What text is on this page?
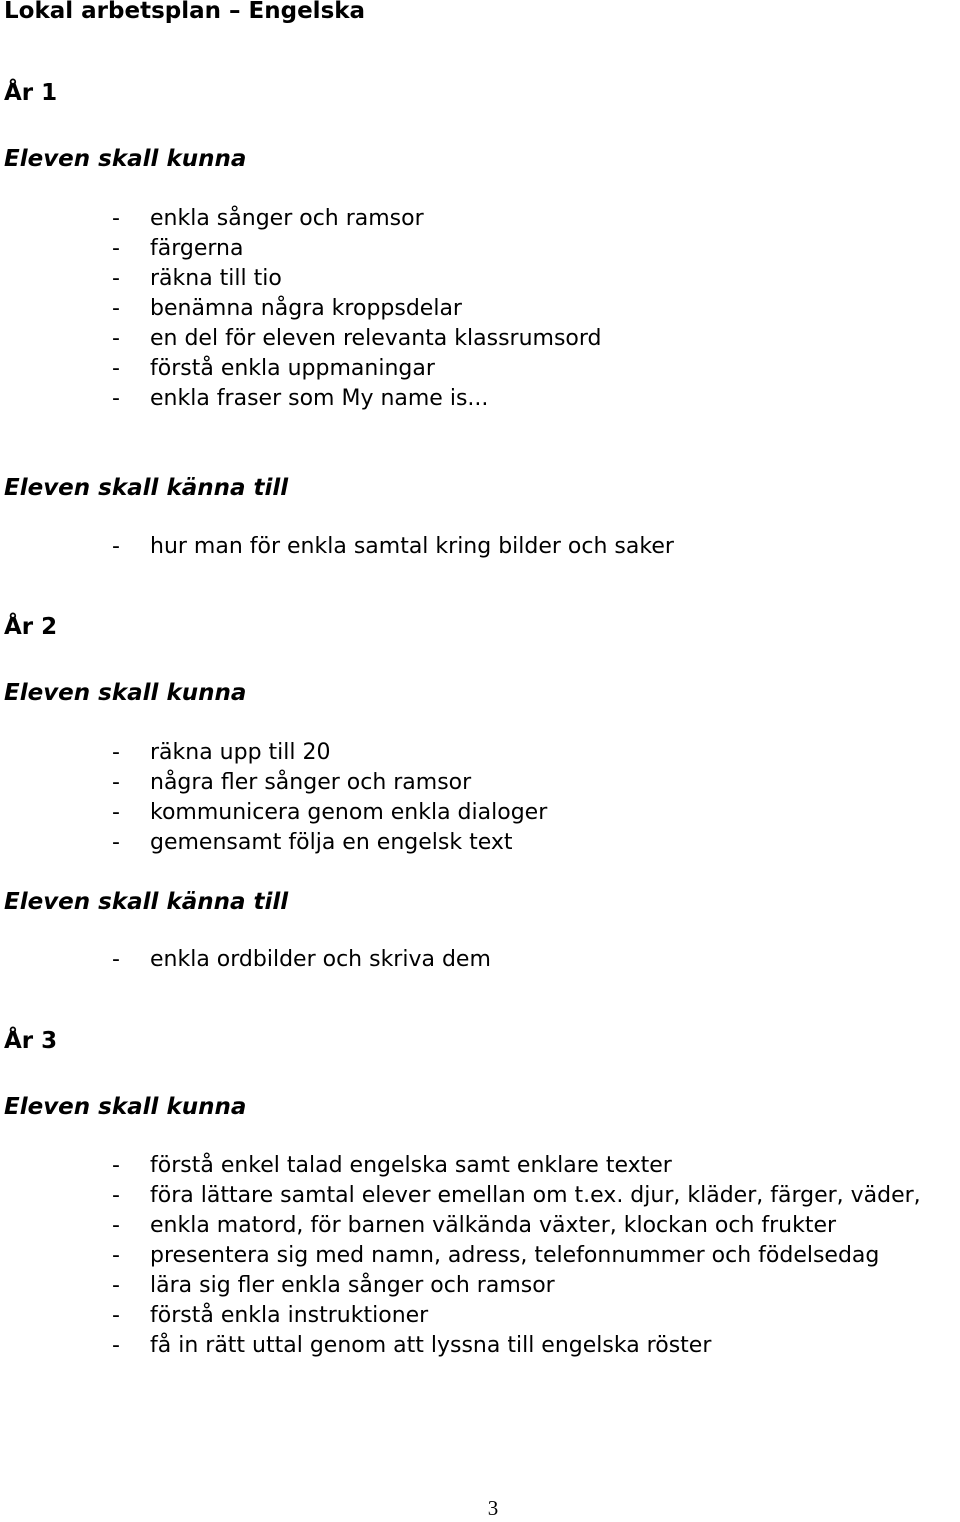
Lokal arbetsplan – Engelska
År 1
Eleven skall kunna
- enkla sånger och ramsor
- färgerna
- räkna till tio
- benämna några kroppsdelar
- en del för eleven relevanta klassrumsord
- förstå enkla uppmaningar
- enkla fraser som My name is...
Eleven skall känna till
- hur man för enkla samtal kring bilder och saker
År 2
Eleven skall kunna
- räkna upp till 20
- några fler sånger och ramsor
- kommunicera genom enkla dialoger
- gemensamt följa en engelsk text
Eleven skall känna till
- enkla ordbilder och skriva dem
År 3
Eleven skall kunna
- förstå enkel talad engelska samt enklare texter
- föra lättare samtal elever emellan om t.ex. djur, kläder, färger, väder,
- enkla matord, för barnen välkända växter, klockan och frukter
- presentera sig med namn, adress, telefonnummer och födelsedag
- lära sig fler enkla sånger och ramsor
- förstå enkla instruktioner
- få in rätt uttal genom att lyssna till engelska röster
3
